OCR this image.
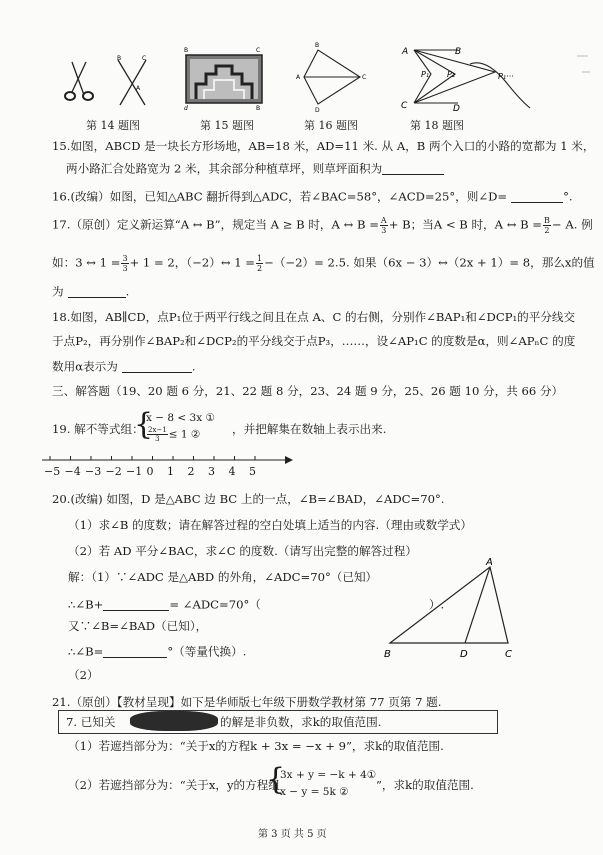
B	C
A
B	C
d	B
B
A	C
D
A	B
P₁ P₂	P₁···
C	D
第 14 题图	第 15 题图	第 16 题图	第 18 题图
15.如图，ABCD 是一块长方形场地，AB=18 米，AD=11 米. 从 A，B 两个入口的小路的宽都为 1 米，
两小路汇合处路宽为 2 米，其余部分种植草坪，则草坪面积为
16.(改编）如图，已知△ABC 翻折得到△ADC，若∠BAC=58°，∠ACD=25°，则∠D=	°.
17.（原创）定义新运算“A ↔ B”，规定当 A ≥ B 时，A ↔ $B = \frac{A}{3} + B$；当A < B 时，A ↔ $B = \frac{B}{2} - A$. 例
如：3 ↔ $1 = \frac{3}{3} + 1 = 2$，（−2）↔ $1 = \frac{1}{2} -(-2)= 2.5$. 如果（6x − 3）↔（2x + 1）= 8，那么x的值
为	.
18.如图，AB∥CD，点P₁位于两平行线之间且在点 A、C 的右侧，分别作∠BAP₁和∠DCP₁的平分线交
于点P₂，再分别作∠BAP₂和∠DCP₂的平分线交于点P₃，……，设∠AP₁C 的度数是α，则∠APₙC 的度
数用α表示为	.
三、解答题（19、20 题 6 分，21、22 题 8 分，23、24 题 9 分，25、26 题 10 分，共 66 分）
19. 解不等式组：
{
x − 8 < 3x ①
$\frac{2x-1}{3} \le 1$ ②	，并把解集在数轴上表示出来.
−5 −4 −3 −2 −1 0 1 2 3 4 5
20.(改编) 如图，D 是△ABC 边 BC 上的一点，∠B=∠BAD，∠ADC=70°.
（1）求∠B 的度数；请在解答过程的空白处填上适当的内容.（理由或数学式）
（2）若 AD 平分∠BAC，求∠C 的度数.（请写出完整的解答过程）
解：（1）∵∠ADC 是△ABD 的外角，∠ADC=70°（已知）
∴∠B+	= ∠ADC=70°（	）.
又∵∠B=∠BAD（已知），
∴∠B=	°（等量代换）.
（2）
A
B	D	C
21.（原创）【教材呈现】如下是华师版七年级下册数学教材第 77 页第 7 题.
7. 已知关	的解是非负数，求k的取值范围.
（1）若遮挡部分为：“关于x的方程k + 3x = −x + 9”，求k的取值范围.
（2）若遮挡部分为：“关于x，y的方程组
{
3x + y = −k + 4①
x − y = 5k ② ”，求k的取值范围.
第 3 页 共 5 页
